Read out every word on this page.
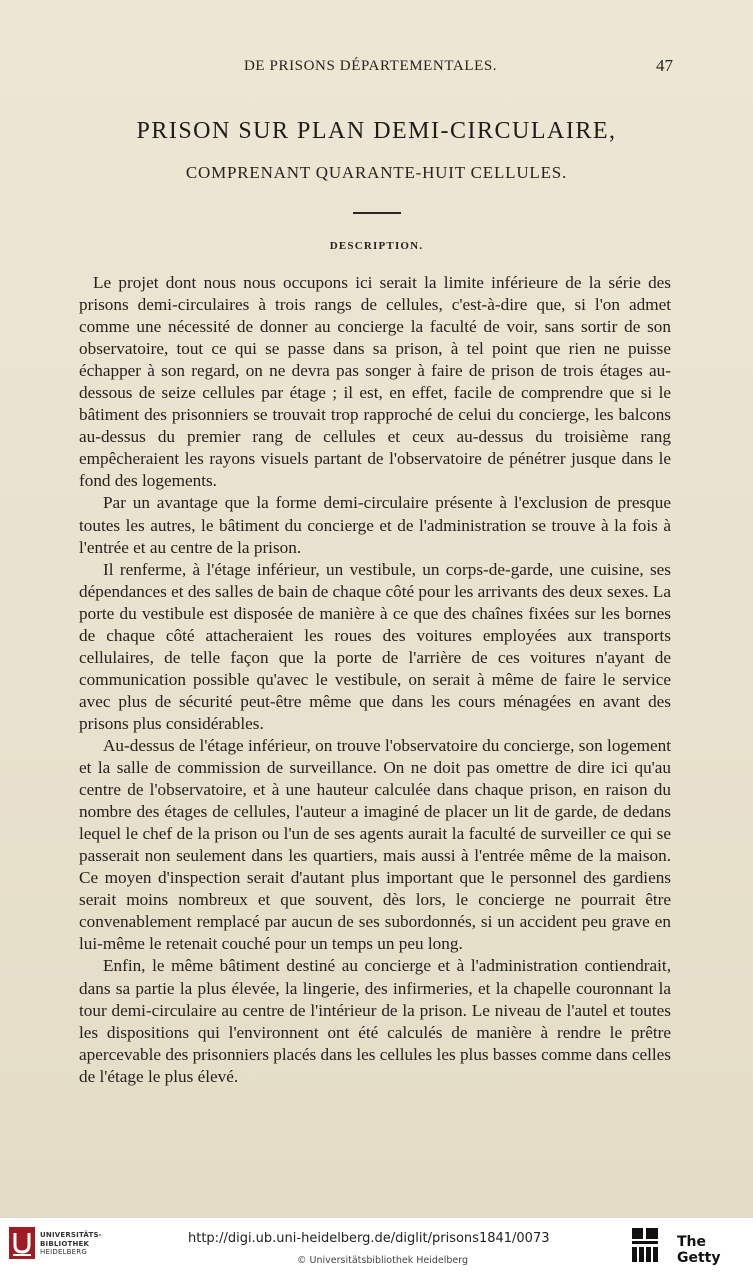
DE PRISONS DÉPARTEMENTALES.	47
PRISON SUR PLAN DEMI-CIRCULAIRE,
COMPRENANT QUARANTE-HUIT CELLULES.
DESCRIPTION.

Le projet dont nous nous occupons ici serait la limite inférieure de la série des prisons demi-circulaires à trois rangs de cellules, c'est-à-dire que, si l'on admet comme une nécessité de donner au concierge la faculté de voir, sans sortir de son observatoire, tout ce qui se passe dans sa prison, à tel point que rien ne puisse échapper à son regard, on ne devra pas songer à faire de prison de trois étages au-dessous de seize cellules par étage ; il est, en effet, facile de comprendre que si le bâtiment des prisonniers se trouvait trop rapproché de celui du concierge, les balcons au-dessus du premier rang de cellules et ceux au-dessus du troisième rang empêcheraient les rayons visuels partant de l'observatoire de pénétrer jusque dans le fond des logements.

Par un avantage que la forme demi-circulaire présente à l'exclusion de presque toutes les autres, le bâtiment du concierge et de l'administration se trouve à la fois à l'entrée et au centre de la prison.

Il renferme, à l'étage inférieur, un vestibule, un corps-de-garde, une cuisine, ses dépendances et des salles de bain de chaque côté pour les arrivants des deux sexes. La porte du vestibule est disposée de manière à ce que des chaînes fixées sur les bornes de chaque côté attacheraient les roues des voitures employées aux transports cellulaires, de telle façon que la porte de l'arrière de ces voitures n'ayant de communication possible qu'avec le vestibule, on serait à même de faire le service avec plus de sécurité peut-être même que dans les cours ménagées en avant des prisons plus considérables.

Au-dessus de l'étage inférieur, on trouve l'observatoire du concierge, son logement et la salle de commission de surveillance. On ne doit pas omettre de dire ici qu'au centre de l'observatoire, et à une hauteur calculée dans chaque prison, en raison du nombre des étages de cellules, l'auteur a imaginé de placer un lit de garde, de dedans lequel le chef de la prison ou l'un de ses agents aurait la faculté de surveiller ce qui se passerait non seulement dans les quartiers, mais aussi à l'entrée même de la maison. Ce moyen d'inspection serait d'autant plus important que le personnel des gardiens serait moins nombreux et que souvent, dès lors, le concierge ne pourrait être convenablement remplacé par aucun de ses subordonnés, si un accident peu grave en lui-même le retenait couché pour un temps un peu long.

Enfin, le même bâtiment destiné au concierge et à l'administration contiendrait, dans sa partie la plus élevée, la lingerie, des infirmeries, et la chapelle couronnant la tour demi-circulaire au centre de l'intérieur de la prison. Le niveau de l'autel et toutes les dispositions qui l'environnent ont été calculés de manière à rendre le prêtre apercevable des prisonniers placés dans les cellules les plus basses comme dans celles de l'étage le plus élevé.

UNIVERSITÄTS-
BIBLIOTHEK
HEIDELBERG
http://digi.ub.uni-heidelberg.de/diglit/prisons1841/0073
© Universitätsbibliothek Heidelberg
The Getty
